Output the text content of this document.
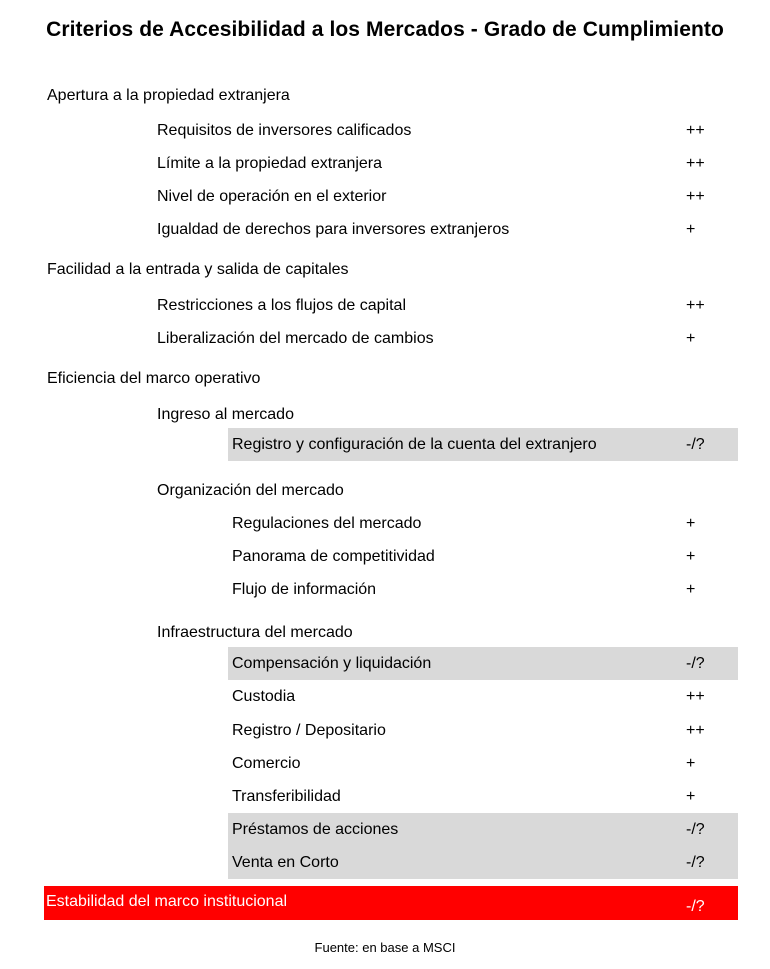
Criterios de Accesibilidad a los Mercados - Grado de Cumplimiento
Apertura a la propiedad extranjera
Requisitos de inversores calificados	++
Límite a la propiedad extranjera	++
Nivel de operación en el exterior	++
Igualdad de derechos para inversores extranjeros	+
Facilidad a la entrada y salida de capitales
Restricciones a los flujos de capital	++
Liberalización del mercado de cambios	+
Eficiencia del marco operativo
Ingreso al mercado
Registro y configuración de la cuenta del extranjero	-/?
Organización del mercado
Regulaciones del mercado	+
Panorama de competitividad	+
Flujo de información	+
Infraestructura del mercado
Compensación y liquidación	-/?
Custodia	++
Registro / Depositario	++
Comercio	+
Transferibilidad	+
Préstamos de acciones	-/?
Venta en Corto	-/?
Estabilidad del marco institucional	-/?
Fuente: en base a MSCI
